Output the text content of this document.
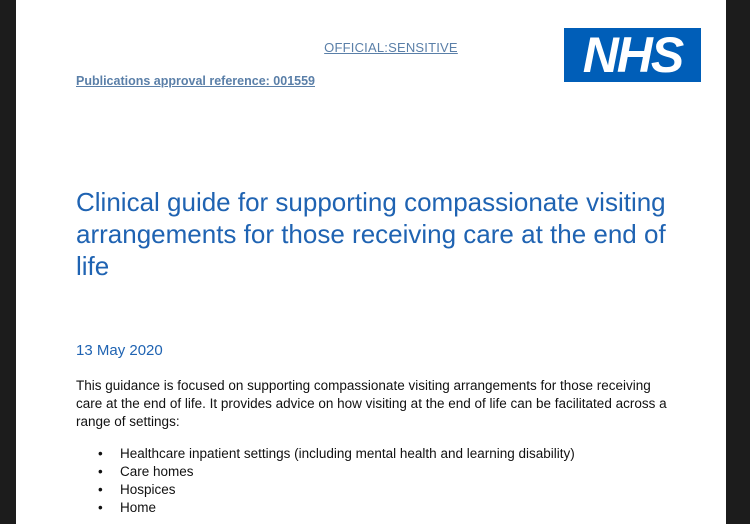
OFFICIAL:SENSITIVE
Publications approval reference: 001559	NHS
Clinical guide for supporting compassionate visiting arrangements for those receiving care at the end of life
13 May 2020

This guidance is focused on supporting compassionate visiting arrangements for those receiving care at the end of life. It provides advice on how visiting at the end of life can be facilitated across a range of settings:

• Healthcare inpatient settings (including mental health and learning disability)
• Care homes
• Hospices
• Home
